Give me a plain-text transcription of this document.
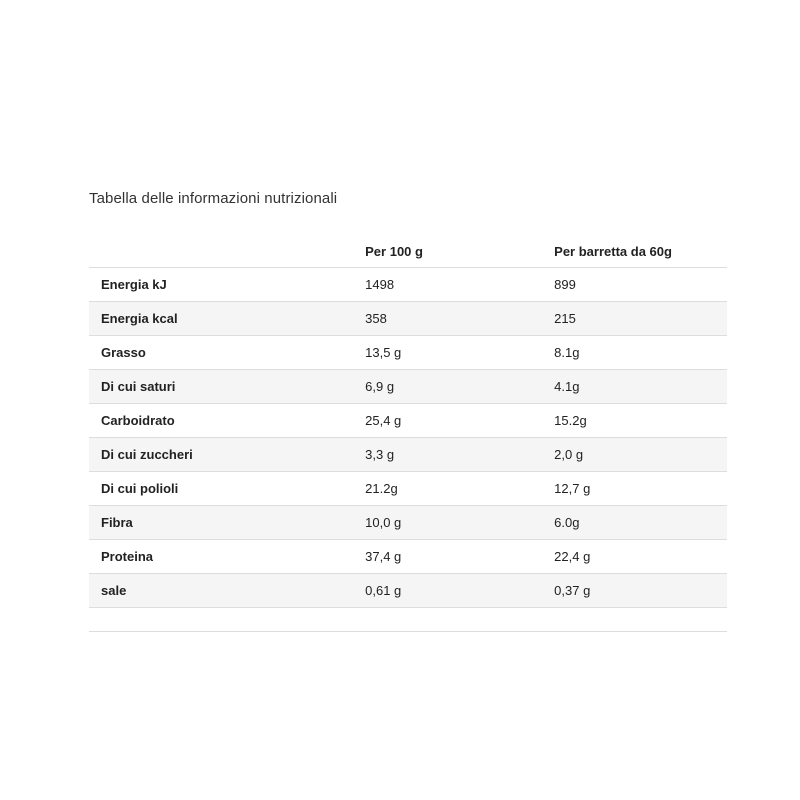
Tabella delle informazioni nutrizionali
	Per 100 g	Per barretta da 60g
Energia kJ	1498	899
Energia kcal	358	215
Grasso	13,5 g	8.1g
Di cui saturi	6,9 g	4.1g
Carboidrato	25,4 g	15.2g
Di cui zuccheri	3,3 g	2,0 g
Di cui polioli	21.2g	12,7 g
Fibra	10,0 g	6.0g
Proteina	37,4 g	22,4 g
sale	0,61 g	0,37 g
